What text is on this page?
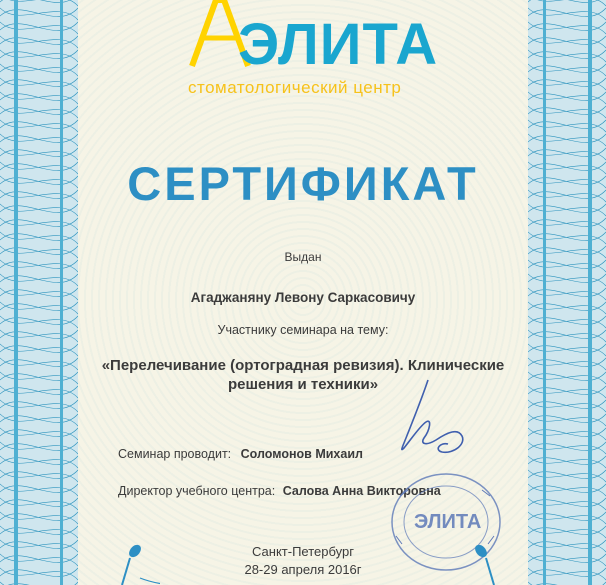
ЭЛИТА
стоматологический центр
СЕРТИФИКАТ
Выдан
Агаджаняну Левону Саркасовичу
Участнику семинара на тему:
«Перелечивание (ортоградная ревизия). Клинические
решения и техники»
Семинар проводит: Соломонов Михаил
Директор учебного центра: Салова Анна Викторовна
ЭЛИТА
Санкт-Петербург
28-29 апреля 2016г
